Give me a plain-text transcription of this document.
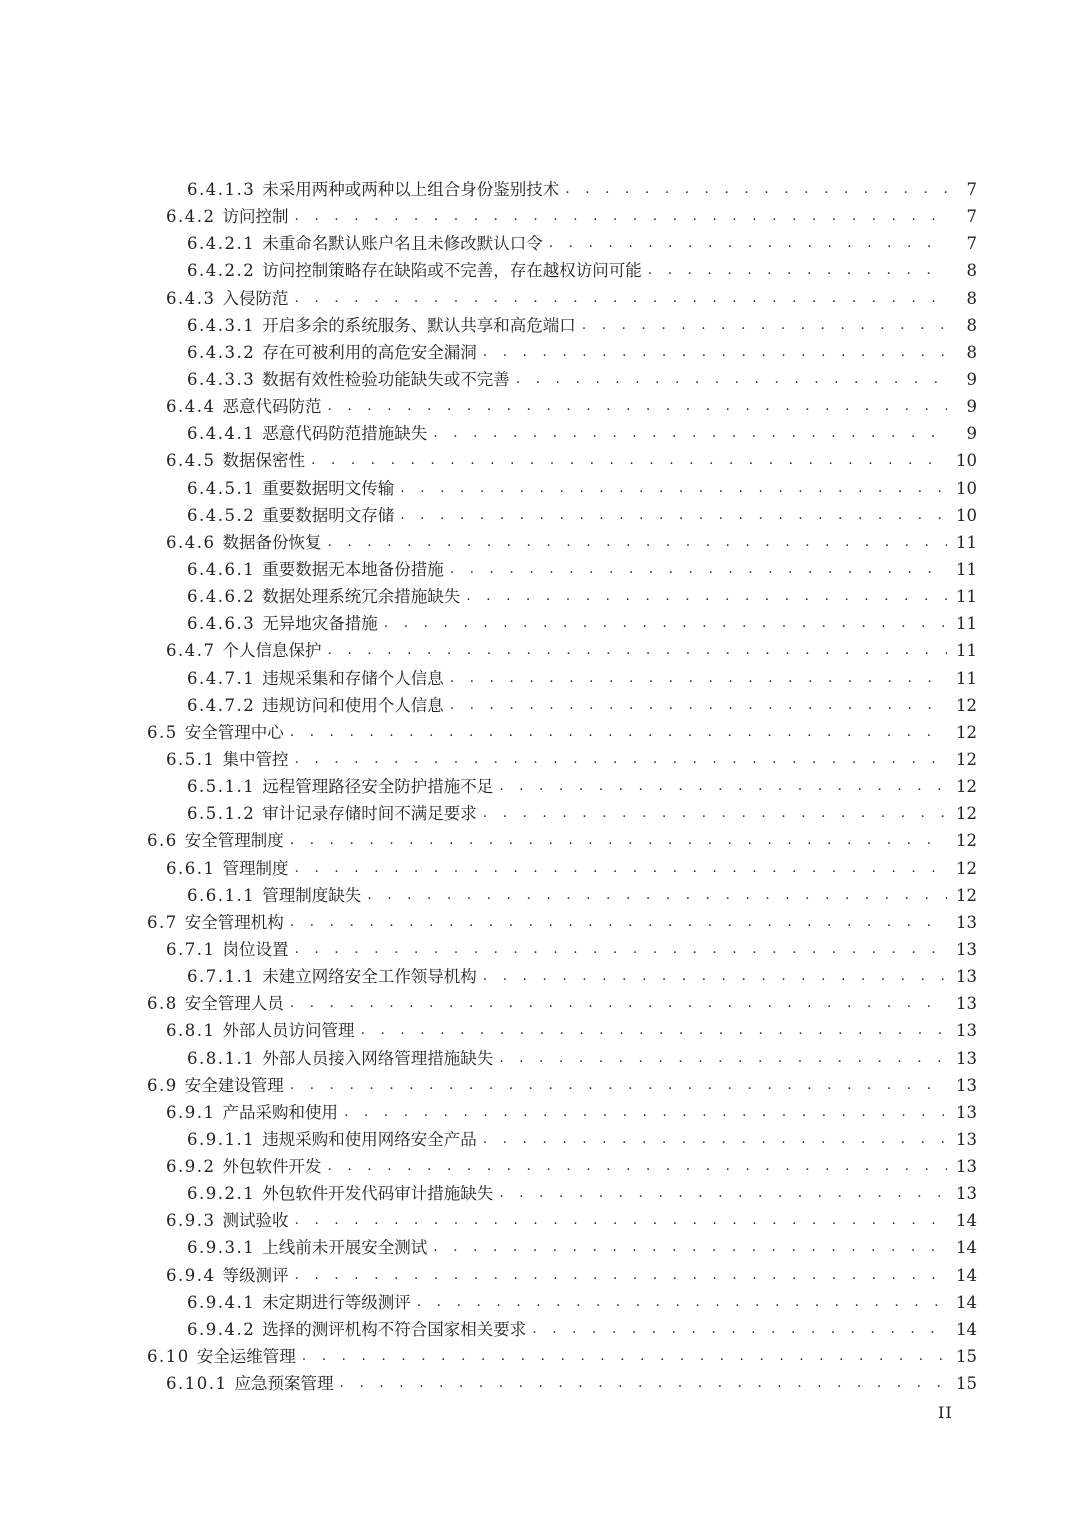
6.4.1.3 未采用两种或两种以上组合身份鉴别技术 . . .	7
6.4.2 访问控制 . . .	7
6.4.2.1 未重命名默认账户名且未修改默认口令 . . .	7
6.4.2.2 访问控制策略存在缺陷或不完善，存在越权访问可能 . . .	8
6.4.3 入侵防范 . . .	8
6.4.3.1 开启多余的系统服务、默认共享和高危端口 . . .	8
6.4.3.2 存在可被利用的高危安全漏洞 . . .	8
6.4.3.3 数据有效性检验功能缺失或不完善 . . .	9
6.4.4 恶意代码防范 . . .	9
6.4.4.1 恶意代码防范措施缺失 . . .	9
6.4.5 数据保密性 . . .	10
6.4.5.1 重要数据明文传输 . . .	10
6.4.5.2 重要数据明文存储 . . .	10
6.4.6 数据备份恢复 . . .	11
6.4.6.1 重要数据无本地备份措施 . . .	11
6.4.6.2 数据处理系统冗余措施缺失 . . .	11
6.4.6.3 无异地灾备措施 . . .	11
6.4.7 个人信息保护 . . .	11
6.4.7.1 违规采集和存储个人信息 . . .	11
6.4.7.2 违规访问和使用个人信息 . . .	12
6.5 安全管理中心 . . .	12
6.5.1 集中管控 . . .	12
6.5.1.1 远程管理路径安全防护措施不足 . . .	12
6.5.1.2 审计记录存储时间不满足要求 . . .	12
6.6 安全管理制度 . . .	12
6.6.1 管理制度 . . .	12
6.6.1.1 管理制度缺失 . . .	12
6.7 安全管理机构 . . .	13
6.7.1 岗位设置 . . .	13
6.7.1.1 未建立网络安全工作领导机构 . . .	13
6.8 安全管理人员 . . .	13
6.8.1 外部人员访问管理 . . .	13
6.8.1.1 外部人员接入网络管理措施缺失 . . .	13
6.9 安全建设管理 . . .	13
6.9.1 产品采购和使用 . . .	13
6.9.1.1 违规采购和使用网络安全产品 . . .	13
6.9.2 外包软件开发 . . .	13
6.9.2.1 外包软件开发代码审计措施缺失 . . .	13
6.9.3 测试验收 . . .	14
6.9.3.1 上线前未开展安全测试 . . .	14
6.9.4 等级测评 . . .	14
6.9.4.1 未定期进行等级测评 . . .	14
6.9.4.2 选择的测评机构不符合国家相关要求 . . .	14
6.10 安全运维管理 . . .	15
6.10.1 应急预案管理 . . .	15
II
